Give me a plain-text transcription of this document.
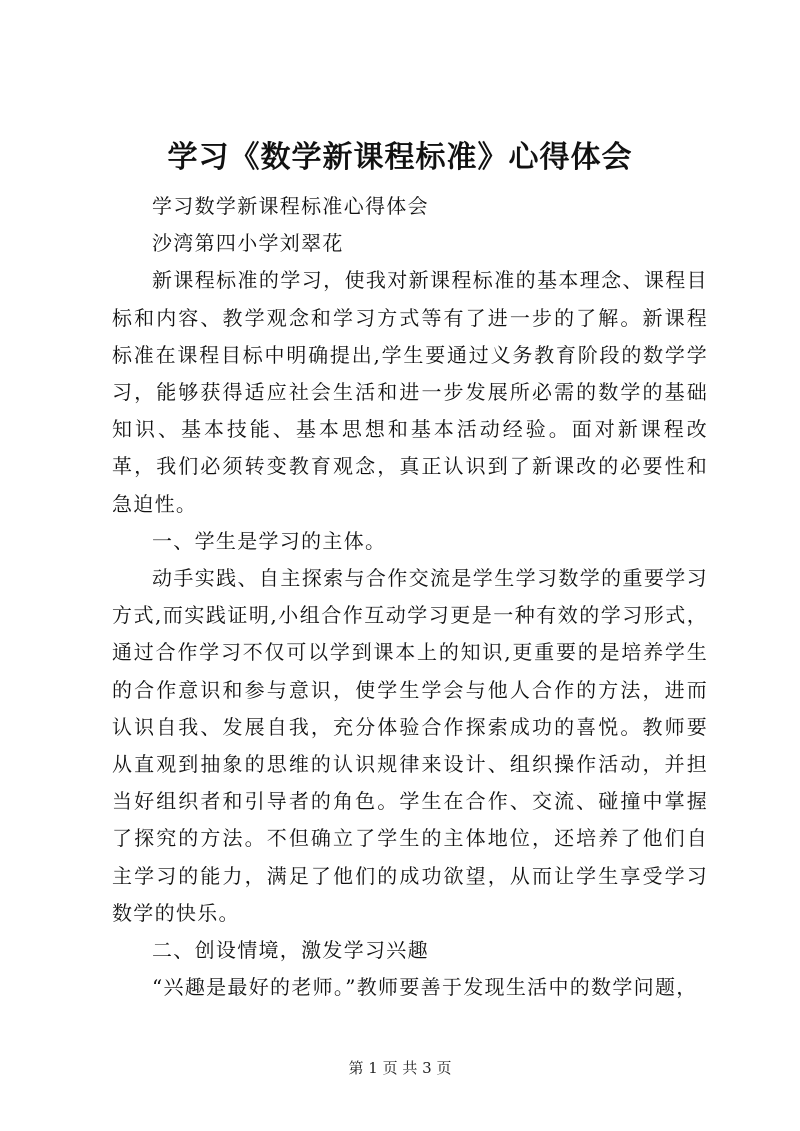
学习《数学新课程标准》心得体会

学习数学新课程标准心得体会

沙湾第四小学刘翠花

新课程标准的学习，使我对新课程标准的基本理念、课程目标和内容、教学观念和学习方式等有了进一步的了解。新课程标准在课程目标中明确提出,学生要通过义务教育阶段的数学学习，能够获得适应社会生活和进一步发展所必需的数学的基础知识、基本技能、基本思想和基本活动经验。面对新课程改革，我们必须转变教育观念，真正认识到了新课改的必要性和急迫性。

一、学生是学习的主体。

动手实践、自主探索与合作交流是学生学习数学的重要学习方式,而实践证明,小组合作互动学习更是一种有效的学习形式，通过合作学习不仅可以学到课本上的知识,更重要的是培养学生的合作意识和参与意识，使学生学会与他人合作的方法，进而认识自我、发展自我，充分体验合作探索成功的喜悦。教师要从直观到抽象的思维的认识规律来设计、组织操作活动，并担当好组织者和引导者的角色。学生在合作、交流、碰撞中掌握了探究的方法。不但确立了学生的主体地位，还培养了他们自主学习的能力，满足了他们的成功欲望，从而让学生享受学习数学的快乐。

二、创设情境，激发学习兴趣

“兴趣是最好的老师。”教师要善于发现生活中的数学问题，

第 1 页 共 3 页
